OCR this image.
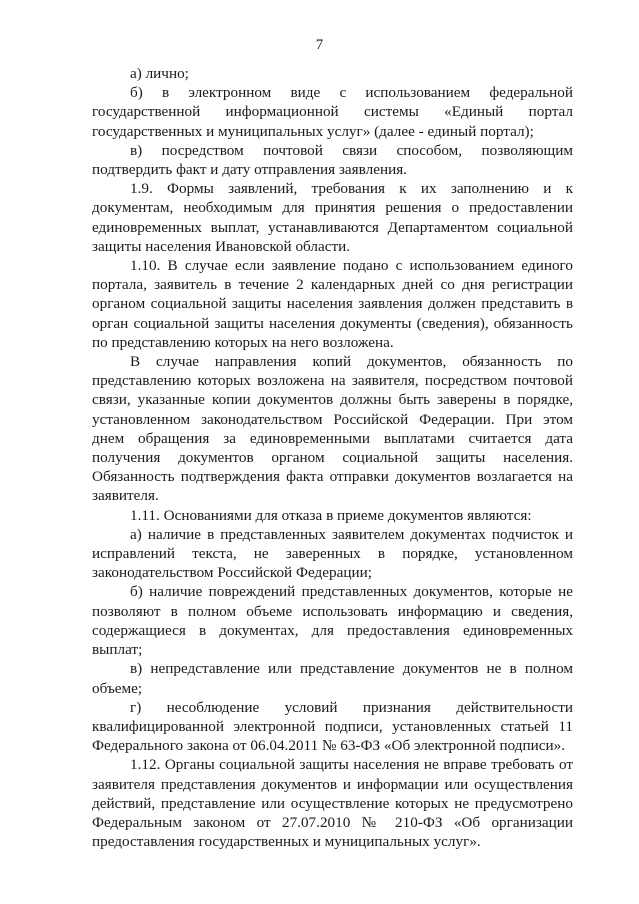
7

а) лично;

б) в электронном виде с использованием федеральной государственной информационной системы «Единый портал государственных и муниципальных услуг» (далее - единый портал);

в) посредством почтовой связи способом, позволяющим подтвердить факт и дату отправления заявления.

1.9. Формы заявлений, требования к их заполнению и к документам, необходимым для принятия решения о предоставлении единовременных выплат, устанавливаются Департаментом социальной защиты населения Ивановской области.

1.10. В случае если заявление подано с использованием единого портала, заявитель в течение 2 календарных дней со дня регистрации органом социальной защиты населения заявления должен представить в орган социальной защиты населения документы (сведения), обязанность по представлению которых на него возложена.

В случае направления копий документов, обязанность по представлению которых возложена на заявителя, посредством почтовой связи, указанные копии документов должны быть заверены в порядке, установленном законодательством Российской Федерации. При этом днем обращения за единовременными выплатами считается дата получения документов органом социальной защиты населения. Обязанность подтверждения факта отправки документов возлагается на заявителя.

1.11. Основаниями для отказа в приеме документов являются:

а) наличие в представленных заявителем документах подчисток и исправлений текста, не заверенных в порядке, установленном законодательством Российской Федерации;

б) наличие повреждений представленных документов, которые не позволяют в полном объеме использовать информацию и сведения, содержащиеся в документах, для предоставления единовременных выплат;

в) непредставление или представление документов не в полном объеме;

г) несоблюдение условий признания действительности квалифицированной электронной подписи, установленных статьей 11 Федерального закона от 06.04.2011 № 63-ФЗ «Об электронной подписи».

1.12. Органы социальной защиты населения не вправе требовать от заявителя представления документов и информации или осуществления действий, представление или осуществление которых не предусмотрено Федеральным законом от 27.07.2010 № 210-ФЗ «Об организации предоставления государственных и муниципальных услуг».
